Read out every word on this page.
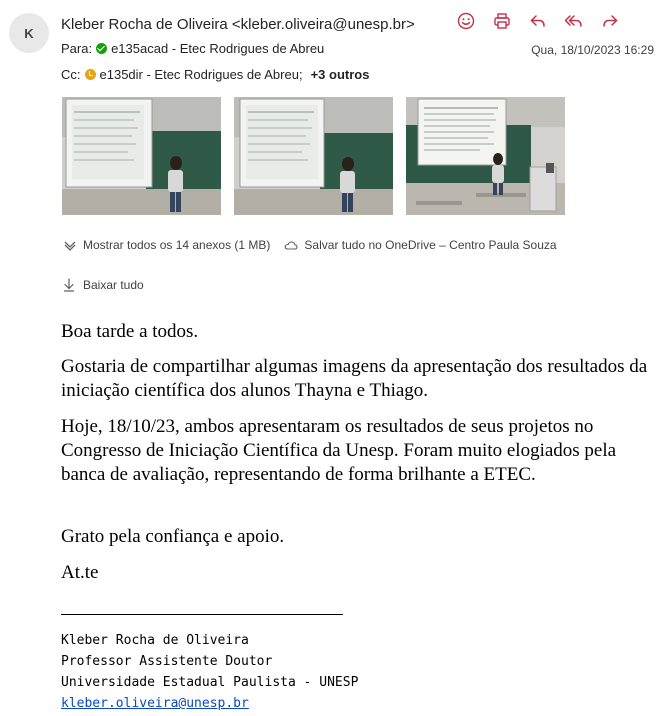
K	Kleber Rocha de Oliveira <kleber.oliveira@unesp.br>
Para: e135acad - Etec Rodrigues de Abreu	Qua, 18/10/2023 16:29
Cc: e135dir - Etec Rodrigues de Abreu; +3 outros
Mostrar todos os 14 anexos (1 MB)	Salvar tudo no OneDrive – Centro Paula Souza
Baixar tudo
Boa tarde a todos.
Gostaria de compartilhar algumas imagens da apresentação dos resultados da iniciação científica dos alunos Thayna e Thiago.
Hoje, 18/10/23, ambos apresentaram os resultados de seus projetos no Congresso de Iniciação Científica da Unesp. Foram muito elogiados pela banca de avaliação, representando de forma brilhante a ETEC.
Grato pela confiança e apoio.
At.te
Kleber Rocha de Oliveira
Professor Assistente Doutor
Universidade Estadual Paulista - UNESP
kleber.oliveira@unesp.br
